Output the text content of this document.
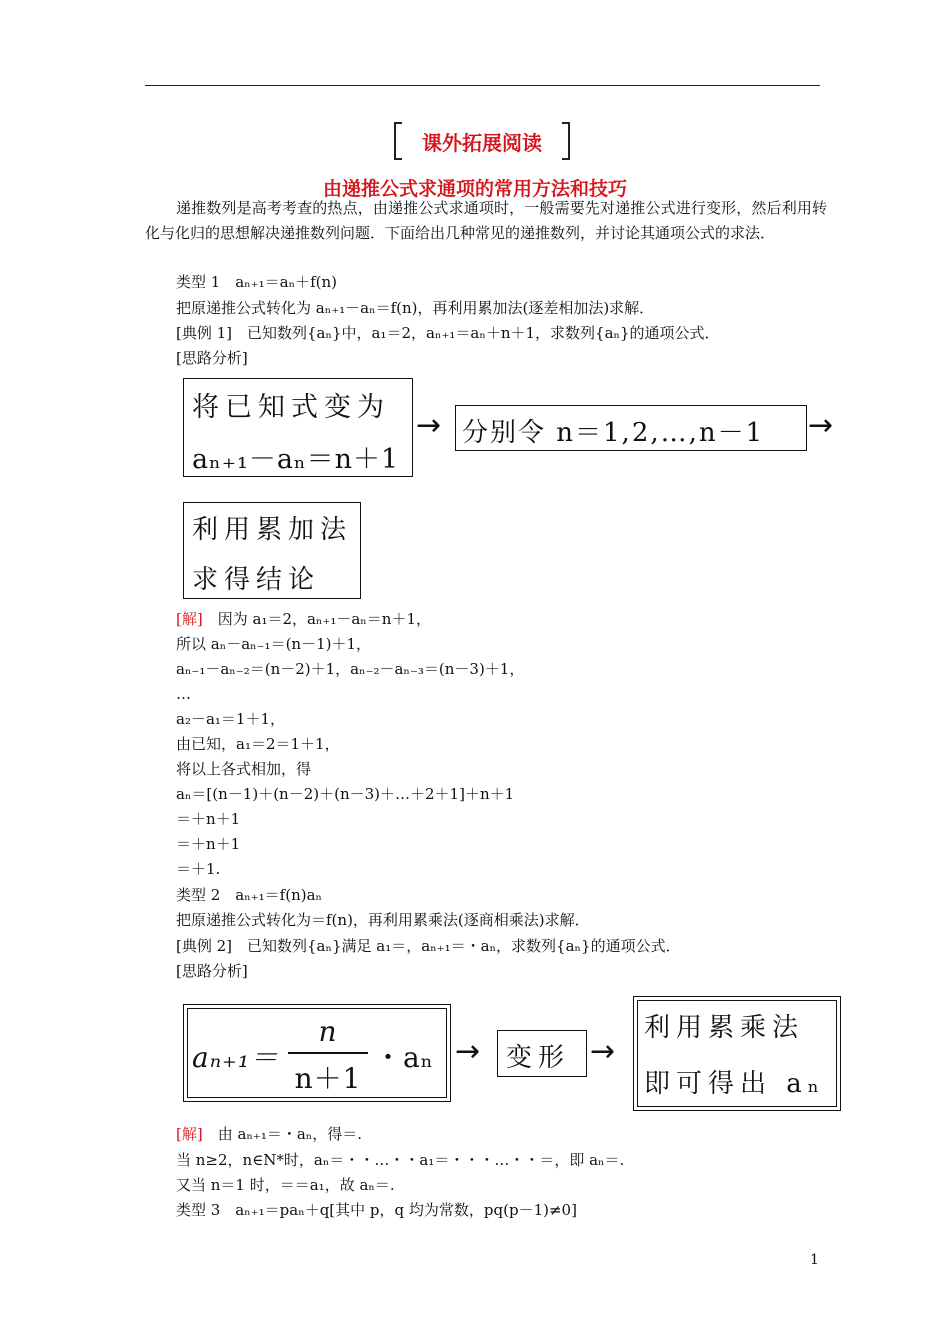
课外拓展阅读
由递推公式求通项的常用方法和技巧
递推数列是高考考查的热点，由递推公式求通项时，一般需要先对递推公式进行变形，然后利用转化与化归的思想解决递推数列问题．下面给出几种常见的递推数列，并讨论其通项公式的求法．
类型 1　aₙ₊₁＝aₙ＋f(n)
把原递推公式转化为 aₙ₊₁－aₙ＝f(n)，再利用累加法(逐差相加法)求解．
[典例 1]　已知数列{aₙ}中，a₁＝2，aₙ₊₁＝aₙ＋n＋1，求数列{aₙ}的通项公式．
[思路分析]
将已知式变为
aₙ₊₁－aₙ＝n＋1
→ 分别令 n＝1,2,…,n－1 →
利用累加法
求得结论
[解]　 因为 a₁＝2，aₙ₊₁－aₙ＝n＋1，
所以 aₙ－aₙ₋₁＝(n－1)＋1，
aₙ₋₁－aₙ₋₂＝(n－2)＋1，aₙ₋₂－aₙ₋₃＝(n－3)＋1，
…
a₂－a₁＝1＋1，
由已知，a₁＝2＝1＋1，
将以上各式相加，得
aₙ＝[(n－1)＋(n－2)＋(n－3)＋…＋2＋1]＋n＋1
＝＋n＋1
＝＋n＋1
＝＋1.
类型 2　aₙ₊₁＝f(n)aₙ
把原递推公式转化为＝f(n)，再利用累乘法(逐商相乘法)求解．
[典例 2]　已知数列{aₙ}满足 a₁＝，aₙ₊₁＝・aₙ，求数列{aₙ}的通项公式．
[思路分析]
aₙ₊₁＝
n
n＋1
・aₙ → 变形 →
利用累乘法
即可得出 aₙ
[解]　 由 aₙ₊₁＝・aₙ，得＝.
当 n≥2，n∈N*时，aₙ＝・・…・・a₁＝・・・…・・＝，即 aₙ＝.
又当 n＝1 时，＝＝a₁，故 aₙ＝.
类型 3　aₙ₊₁＝paₙ＋q[其中 p，q 均为常数，pq(p－1)≠0]
1
